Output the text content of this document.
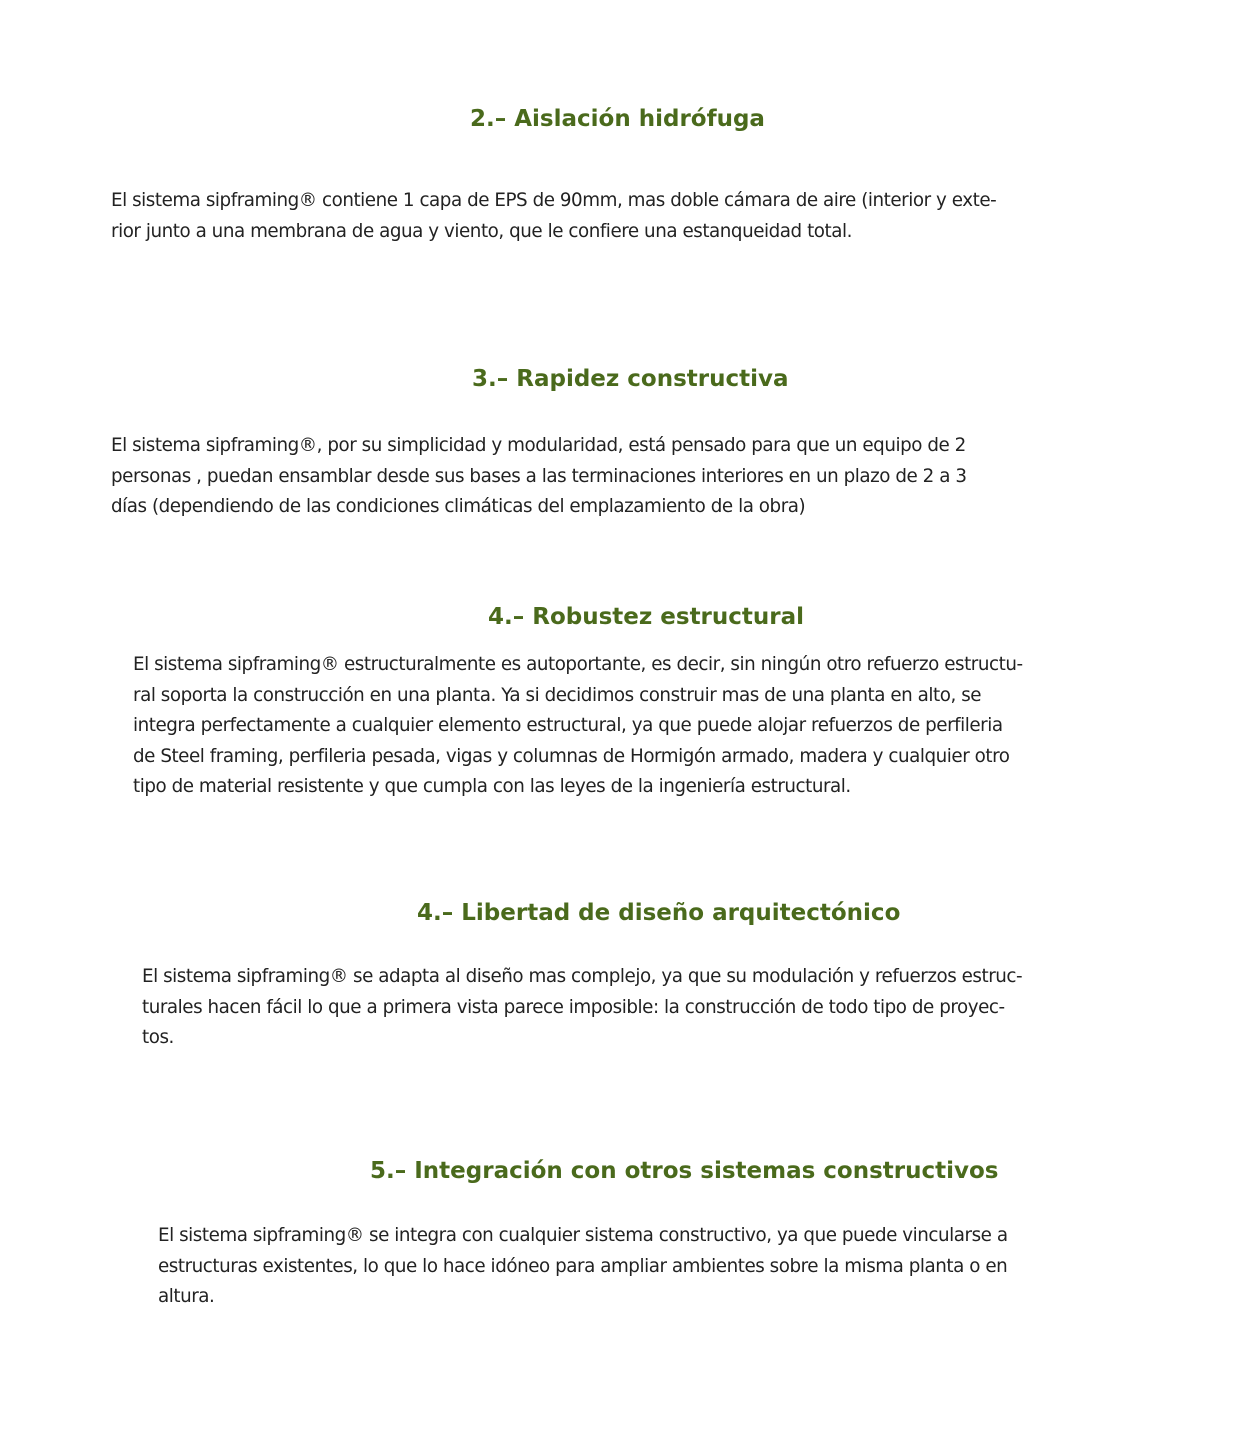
2.– Aislación hidrófuga
El sistema sipframing® contiene 1 capa de EPS de 90mm, mas doble cámara de aire (interior y exte-
rior junto a una membrana de agua y viento, que le confiere una estanqueidad total.
3.– Rapidez constructiva
El sistema sipframing®, por su simplicidad y modularidad, está pensado para que un equipo de 2
personas , puedan ensamblar desde sus bases a las terminaciones interiores en un plazo de 2 a 3
días (dependiendo de las condiciones climáticas del emplazamiento de la obra)
4.– Robustez estructural
El sistema sipframing® estructuralmente es autoportante, es decir, sin ningún otro refuerzo estructu-
ral soporta la construcción en una planta. Ya si decidimos construir mas de una planta en alto, se
integra perfectamente a cualquier elemento estructural, ya que puede alojar refuerzos de perfileria
de Steel framing, perfileria pesada, vigas y columnas de Hormigón armado, madera y cualquier otro
tipo de material resistente y que cumpla con las leyes de la ingeniería estructural.
4.– Libertad de diseño arquitectónico
El sistema sipframing® se adapta al diseño mas complejo, ya que su modulación y refuerzos estruc-
turales hacen fácil lo que a primera vista parece imposible: la construcción de todo tipo de proyec-
tos.
5.– Integración con otros sistemas constructivos
El sistema sipframing® se integra con cualquier sistema constructivo, ya que puede vincularse a
estructuras existentes, lo que lo hace idóneo para ampliar ambientes sobre la misma planta o en
altura.
